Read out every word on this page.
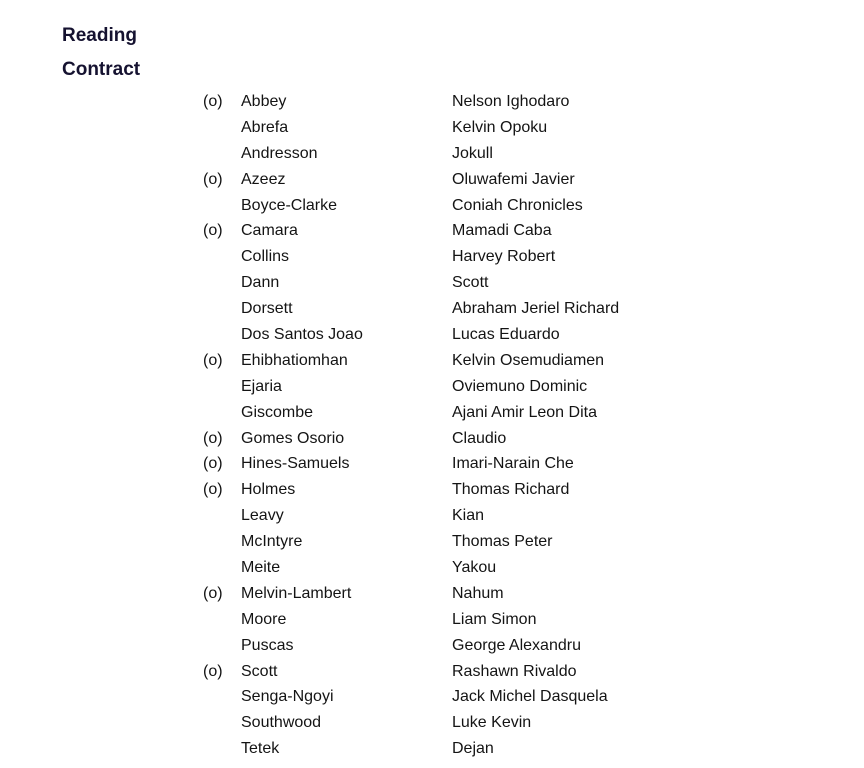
Reading
Contract
(o) Abbey	Nelson Ighodaro
Abrefa	Kelvin Opoku
Andresson	Jokull
(o) Azeez	Oluwafemi Javier
Boyce-Clarke	Coniah Chronicles
(o) Camara	Mamadi Caba
Collins	Harvey Robert
Dann	Scott
Dorsett	Abraham Jeriel Richard
Dos Santos Joao	Lucas Eduardo
(o) Ehibhatiomhan	Kelvin Osemudiamen
Ejaria	Oviemuno Dominic
Giscombe	Ajani Amir Leon Dita
(o) Gomes Osorio	Claudio
(o) Hines-Samuels	Imari-Narain Che
(o) Holmes	Thomas Richard
Leavy	Kian
McIntyre	Thomas Peter
Meite	Yakou
(o) Melvin-Lambert	Nahum
Moore	Liam Simon
Puscas	George Alexandru
(o) Scott	Rashawn Rivaldo
Senga-Ngoyi	Jack Michel Dasquela
Southwood	Luke Kevin
Tetek	Dejan
